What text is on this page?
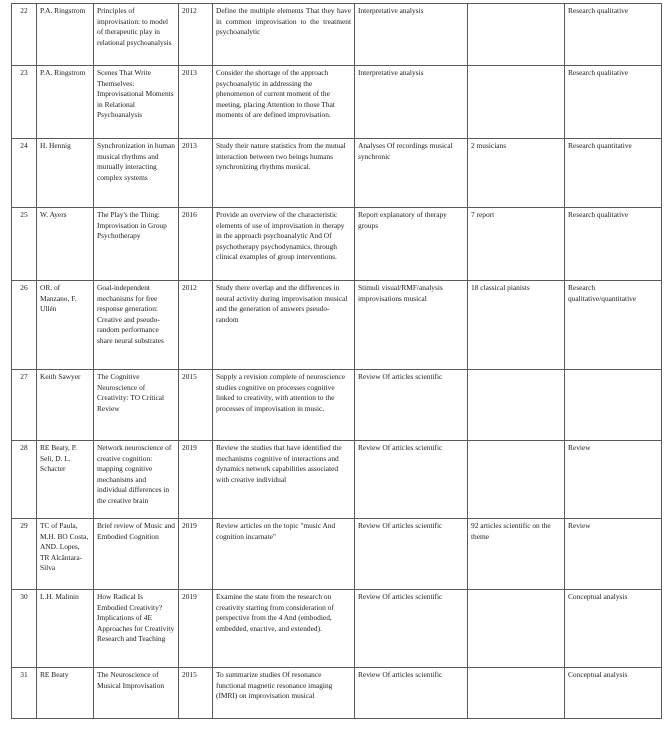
22	P.A. Ringstrom	Principles of improvisation: to model of therapeutic play in relational psychoanalysis	2012	Define the multiple elements That they have in common improvisation to the treatment psychoanalytic	Interpretative analysis		Research qualitative
23	P.A. Ringstrom	Scenes That Write Themselves: Improvisational Moments in Relational Psychoanalysis	2013	Consider the shortage of the approach psychoanalytic in addressing the phenomenon of current moment of the meeting, placing Attention to those That moments of are defined improvisation.	Interpretative analysis		Research qualitative
24	H. Hennig	Synchronization in human musical rhythms and mutually interacting complex systems	2013	Study their nature statistics from the mutual interaction between two beings humans synchronizing rhythms musical.	Analyses Of recordings musical synchronic	2 musicians	Research quantitative
25	W. Ayers	The Play's the Thing: Improvisation in Group Psychotherapy	2016	Provide an overview of the characteristic elements of use of improvisation in therapy in the approach psychoanalytic And Of psychotherapy psychodynamics, through clinical examples of group interventions.	Report explanatory of therapy groups	7 report	Research qualitative
26	OR. of Manzano, F. Ullén	Goal-independent mechanisms for free response generation: Creative and pseudo-random performance share neural substrates	2012	Study there overlap and the differences in neural activity during improvisation musical and the generation of answers pseudo-random	Stimuli visual/RMF/analysis improvisations musical	18 classical pianists	Research qualitative/quantitative
27	Keith Sawyer	The Cognitive Neuroscience of Creativity: TO Critical Review	2015	Supply a revision complete of neuroscience studies cognitive on processes cognitive linked to creativity, with attention to the processes of improvisation in music.	Review Of articles scientific		
28	RE Beaty, P. Seli, D. L. Schacter	Network neuroscience of creative cognition: mapping cognitive mechanisms and individual differences in the creative brain	2019	Review the studies that have identified the mechanisms cognitive of interactions and dynamics network capabilities associated with creative individual	Review Of articles scientific		Review
29	TC of Paula, M.H. BO Costa, AND. Lopes, TR Alcântara-Silva	Brief review of Music and Embodied Cognition	2019	Review articles on the topic "music And cognition incarnate"	Review Of articles scientific	92 articles scientific on the theme	Review
30	L.H. Malinin	How Radical Is Embodied Creativity? Implications of 4E Approaches for Creativity Research and Teaching	2019	Examine the state from the research on creativity starting from consideration of perspective from the 4 And (embodied, embedded, enactive, and extended).	Review Of articles scientific		Conceptual analysis
31	RE Beaty	The Neuroscience of Musical Improvisation	2015	To summarize studies Of resonance functional magnetic resonance imaging (fMRI) on improvisation musical	Review Of articles scientific		Conceptual analysis
